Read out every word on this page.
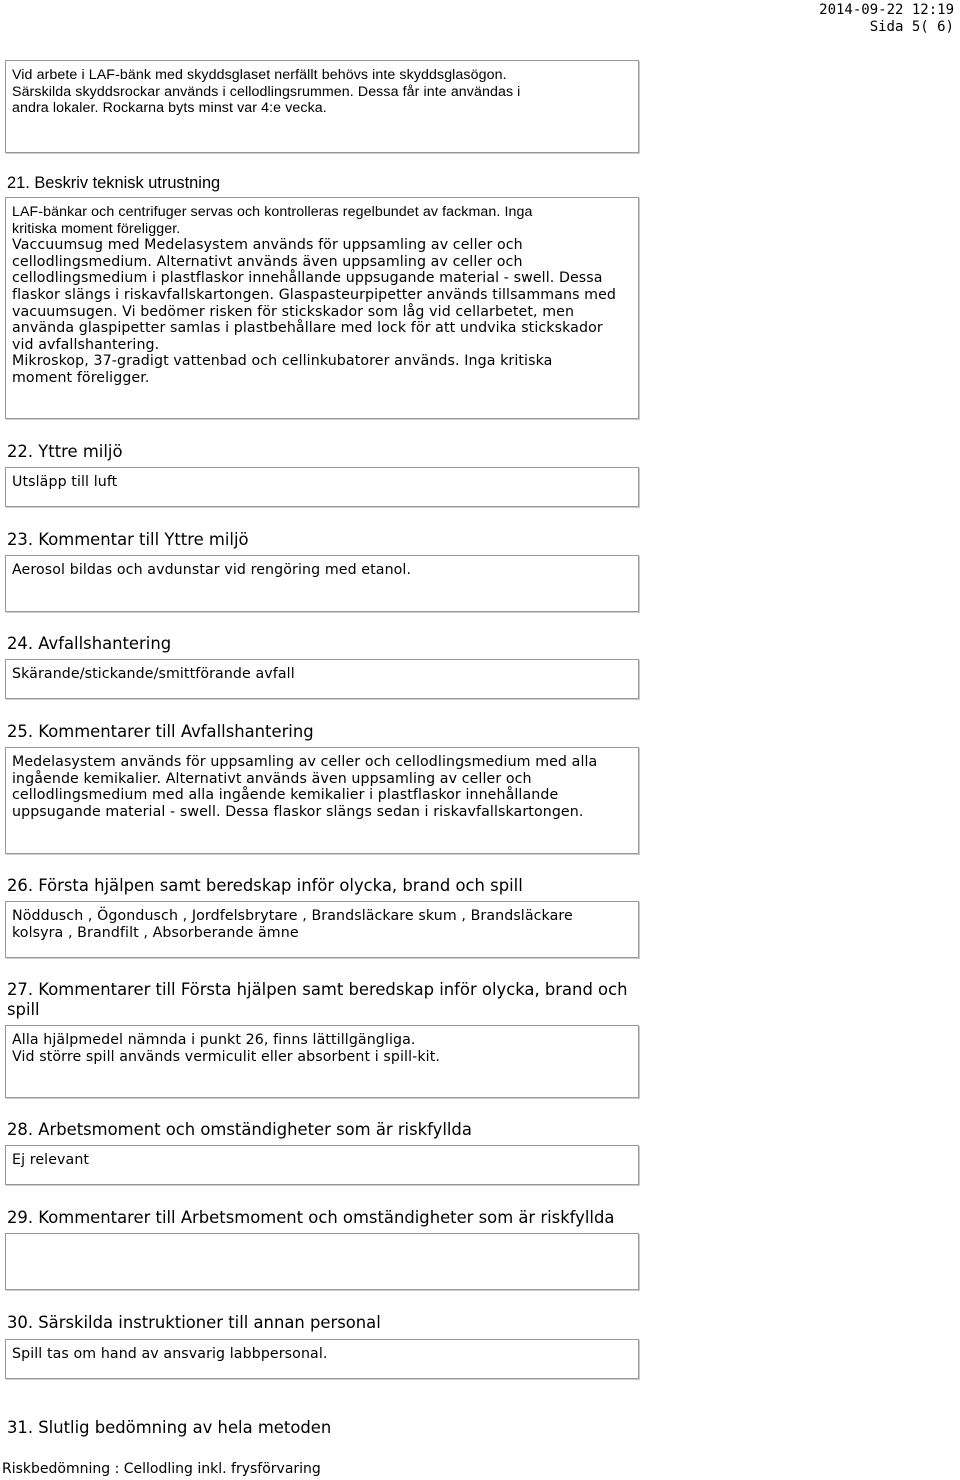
2014-09-22 12:19
Sida 5( 6)

Vid arbete i LAF-bänk med skyddsglaset nerfällt behövs inte skyddsglasögon.

Särskilda skyddsrockar används i cellodlingsrummen. Dessa får inte användas i

andra lokaler. Rockarna byts minst var 4:e vecka.

21. Beskriv teknisk utrustning

LAF-bänkar och centrifuger servas och kontrolleras regelbundet av fackman. Inga

kritiska moment föreligger.

Vaccuumsug med Medelasystem används för uppsamling av celler och

cellodlingsmedium. Alternativt används även uppsamling av celler och

cellodlingsmedium i plastflaskor innehållande uppsugande material - swell. Dessa

flaskor slängs i riskavfallskartongen. Glaspasteurpipetter används tillsammans med

vacuumsugen. Vi bedömer risken för stickskador som låg vid cellarbetet, men

använda glaspipetter samlas i plastbehållare med lock för att undvika stickskador

vid avfallshantering.

Mikroskop, 37-gradigt vattenbad och cellinkubatorer används. Inga kritiska

moment föreligger.

22. Yttre miljö

Utsläpp till luft

23. Kommentar till Yttre miljö

Aerosol bildas och avdunstar vid rengöring med etanol.

24. Avfallshantering

Skärande/stickande/smittförande avfall

25. Kommentarer till Avfallshantering

Medelasystem används för uppsamling av celler och cellodlingsmedium med alla

ingående kemikalier. Alternativt används även uppsamling av celler och

cellodlingsmedium med alla ingående kemikalier i plastflaskor innehållande

uppsugande material - swell. Dessa flaskor slängs sedan i riskavfallskartongen.

26. Första hjälpen samt beredskap inför olycka, brand och spill

Nöddusch , Ögondusch , Jordfelsbrytare , Brandsläckare skum , Brandsläckare

kolsyra , Brandfilt , Absorberande ämne

27. Kommentarer till Första hjälpen samt beredskap inför olycka, brand och
spill

Alla hjälpmedel nämnda i punkt 26, finns lättillgängliga.

Vid större spill används vermiculit eller absorbent i spill-kit.

28. Arbetsmoment och omständigheter som är riskfyllda

Ej relevant

29. Kommentarer till Arbetsmoment och omständigheter som är riskfyllda
30. Särskilda instruktioner till annan personal

Spill tas om hand av ansvarig labbpersonal.

31. Slutlig bedömning av hela metoden
Riskbedömning : Cellodling inkl. frysförvaring
